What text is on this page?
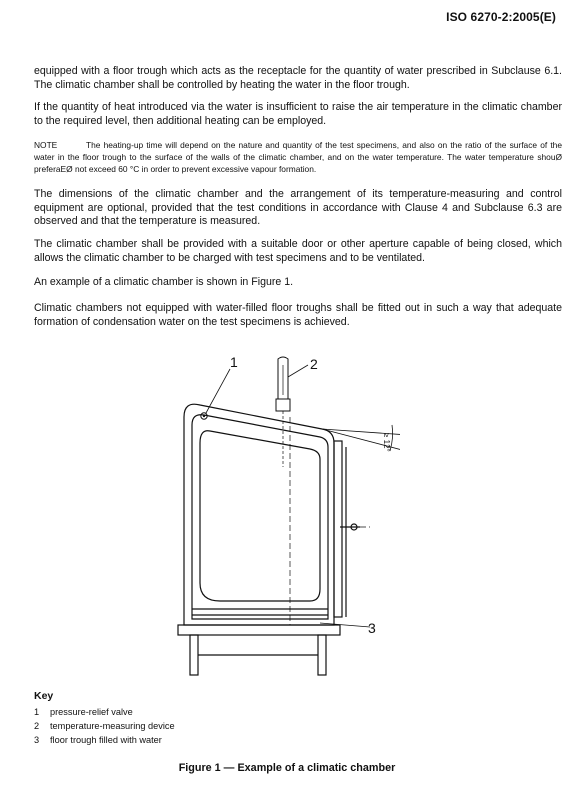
ISO 6270-2:2005(E)
equipped with a floor trough which acts as the receptacle for the quantity of water prescribed in Subclause 6.1. The climatic chamber shall be controlled by heating the water in the floor trough.
If the quantity of heat introduced via the water is insufficient to raise the air temperature in the climatic chamber to the required level, then additional heating can be employed.
NOTE	The heating-up time will depend on the nature and quantity of the test specimens, and also on the ratio of the surface of the water in the floor trough to the surface of the walls of the climatic chamber, and on the water temperature. The water temperature shouØ preferaEØ not exceed 60 °C in order to prevent excessive vapour formation.
The dimensions of the climatic chamber and the arrangement of its temperature-measuring and control equipment are optional, provided that the test conditions in accordance with Clause 4 and Subclause 6.3 are observed and that the temperature is measured.
The climatic chamber shall be provided with a suitable door or other aperture capable of being closed, which allows the climatic chamber to be charged with test specimens and to be ventilated.
An example of a climatic chamber is shown in Figure 1.
Climatic chambers not equipped with water-filled floor troughs shall be fitted out in such a way that adequate formation of condensation water on the test specimens is achieved.
1	2
3
≥ 12°
Key
1 pressure-relief valve
2 temperature-measuring device
3 floor trough filled with water
Figure 1 — Example of a climatic chamber
